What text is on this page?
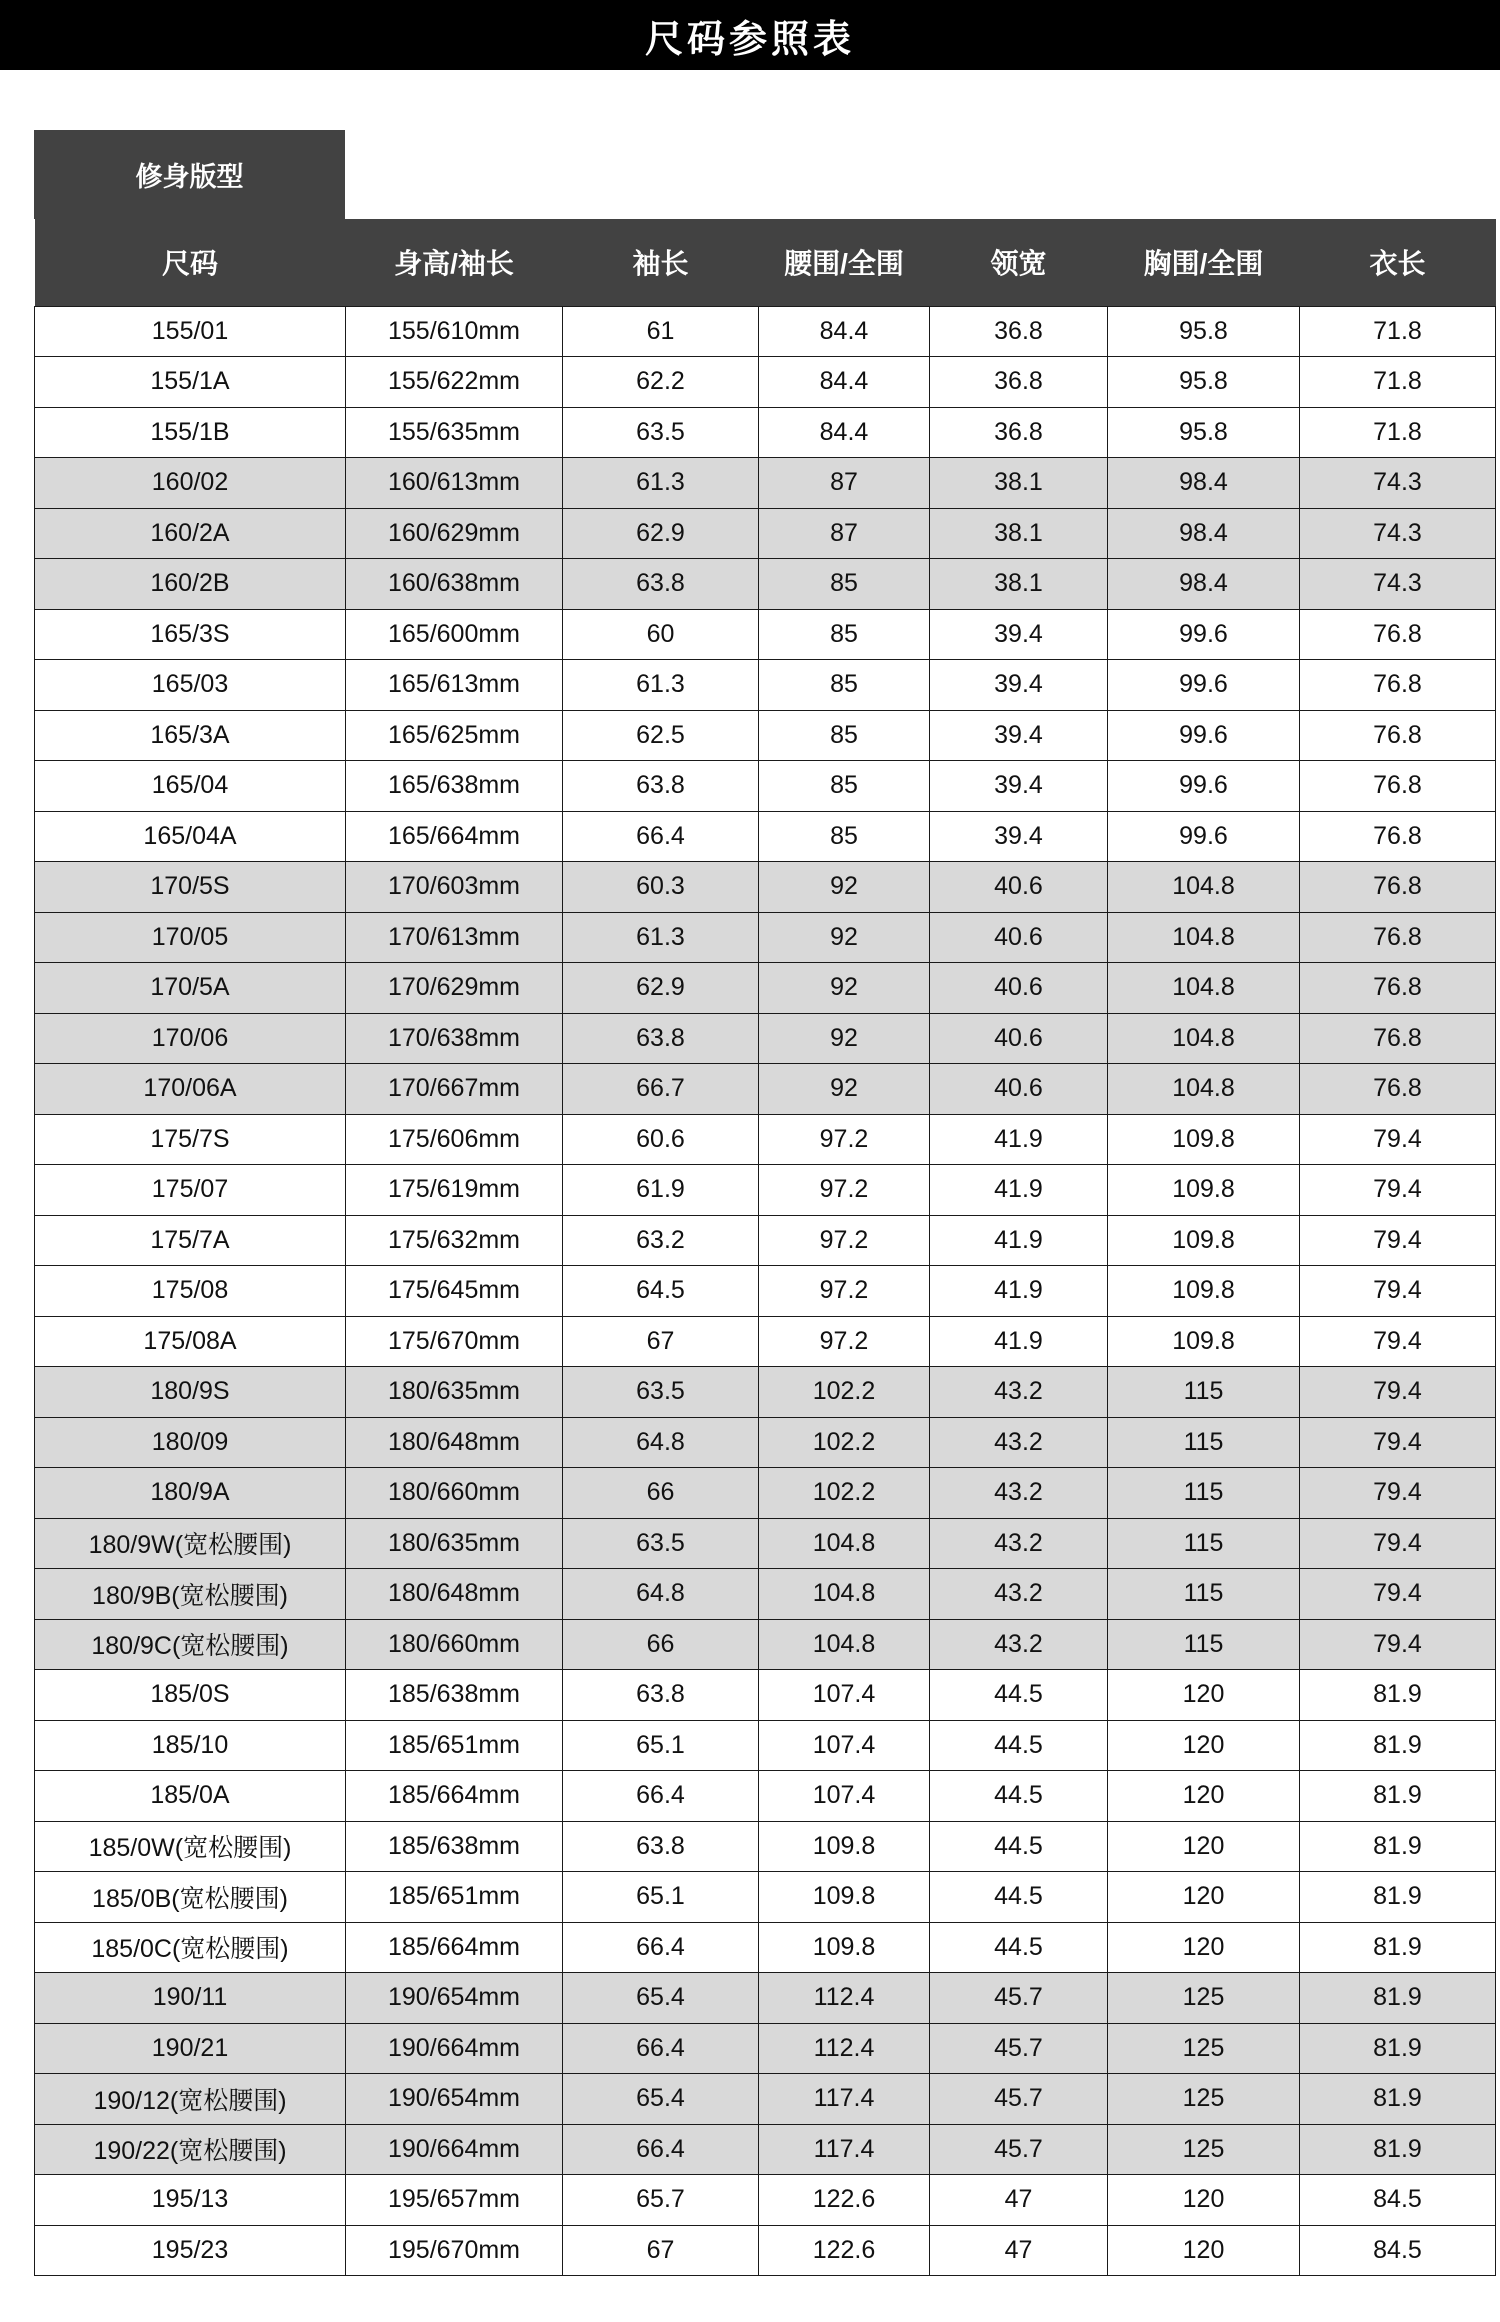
尺码参照表
修身版型
尺码	身高/袖长	袖长	腰围/全围	领宽	胸围/全围	衣长
155/01	155/610mm	61	84.4	36.8	95.8	71.8
155/1A	155/622mm	62.2	84.4	36.8	95.8	71.8
155/1B	155/635mm	63.5	84.4	36.8	95.8	71.8
160/02	160/613mm	61.3	87	38.1	98.4	74.3
160/2A	160/629mm	62.9	87	38.1	98.4	74.3
160/2B	160/638mm	63.8	85	38.1	98.4	74.3
165/3S	165/600mm	60	85	39.4	99.6	76.8
165/03	165/613mm	61.3	85	39.4	99.6	76.8
165/3A	165/625mm	62.5	85	39.4	99.6	76.8
165/04	165/638mm	63.8	85	39.4	99.6	76.8
165/04A	165/664mm	66.4	85	39.4	99.6	76.8
170/5S	170/603mm	60.3	92	40.6	104.8	76.8
170/05	170/613mm	61.3	92	40.6	104.8	76.8
170/5A	170/629mm	62.9	92	40.6	104.8	76.8
170/06	170/638mm	63.8	92	40.6	104.8	76.8
170/06A	170/667mm	66.7	92	40.6	104.8	76.8
175/7S	175/606mm	60.6	97.2	41.9	109.8	79.4
175/07	175/619mm	61.9	97.2	41.9	109.8	79.4
175/7A	175/632mm	63.2	97.2	41.9	109.8	79.4
175/08	175/645mm	64.5	97.2	41.9	109.8	79.4
175/08A	175/670mm	67	97.2	41.9	109.8	79.4
180/9S	180/635mm	63.5	102.2	43.2	115	79.4
180/09	180/648mm	64.8	102.2	43.2	115	79.4
180/9A	180/660mm	66	102.2	43.2	115	79.4
180/9W(宽松腰围)	180/635mm	63.5	104.8	43.2	115	79.4
180/9B(宽松腰围)	180/648mm	64.8	104.8	43.2	115	79.4
180/9C(宽松腰围)	180/660mm	66	104.8	43.2	115	79.4
185/0S	185/638mm	63.8	107.4	44.5	120	81.9
185/10	185/651mm	65.1	107.4	44.5	120	81.9
185/0A	185/664mm	66.4	107.4	44.5	120	81.9
185/0W(宽松腰围)	185/638mm	63.8	109.8	44.5	120	81.9
185/0B(宽松腰围)	185/651mm	65.1	109.8	44.5	120	81.9
185/0C(宽松腰围)	185/664mm	66.4	109.8	44.5	120	81.9
190/11	190/654mm	65.4	112.4	45.7	125	81.9
190/21	190/664mm	66.4	112.4	45.7	125	81.9
190/12(宽松腰围)	190/654mm	65.4	117.4	45.7	125	81.9
190/22(宽松腰围)	190/664mm	66.4	117.4	45.7	125	81.9
195/13	195/657mm	65.7	122.6	47	120	84.5
195/23	195/670mm	67	122.6	47	120	84.5
